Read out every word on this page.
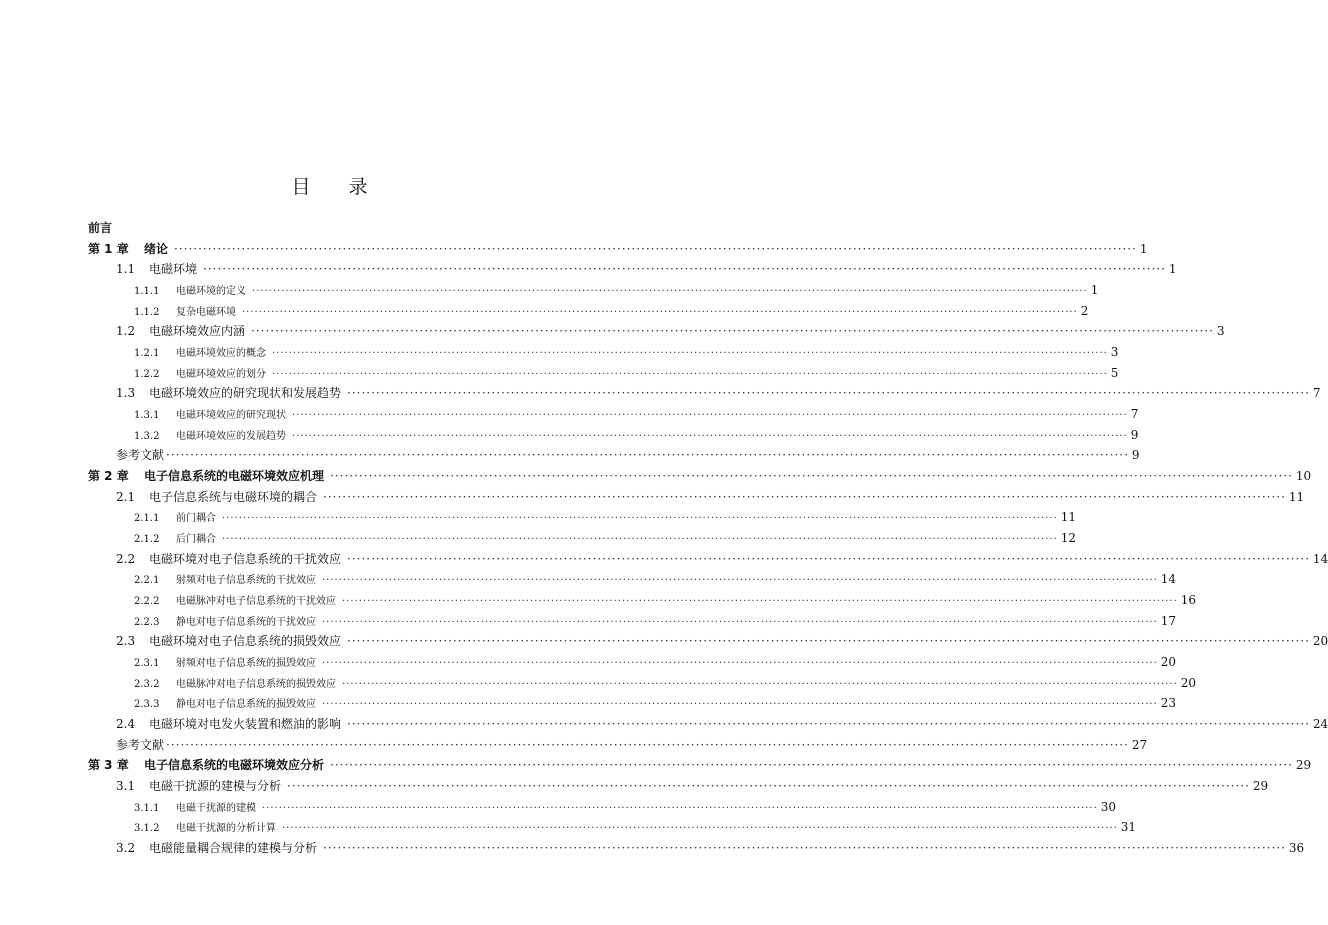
目 录
前言
第 1 章	绪论 ········································································································································································································ 1
1.1	电磁环境 ········································································································································································································ 1
1.1.1	电磁环境的定义 ········································································································································································································ 1
1.1.2	复杂电磁环境 ········································································································································································································ 2
1.2	电磁环境效应内涵 ········································································································································································································ 3
1.2.1	电磁环境效应的概念 ········································································································································································································ 3
1.2.2	电磁环境效应的划分 ········································································································································································································ 5
1.3	电磁环境效应的研究现状和发展趋势 ········································································································································································································ 7
1.3.1	电磁环境效应的研究现状 ········································································································································································································ 7
1.3.2	电磁环境效应的发展趋势 ········································································································································································································ 9
参考文献 ········································································································································································································ 9
第 2 章	电子信息系统的电磁环境效应机理 ········································································································································································································ 10
2.1	电子信息系统与电磁环境的耦合 ········································································································································································································ 11
2.1.1	前门耦合 ········································································································································································································ 11
2.1.2	后门耦合 ········································································································································································································ 12
2.2	电磁环境对电子信息系统的干扰效应 ········································································································································································································ 14
2.2.1	射频对电子信息系统的干扰效应 ········································································································································································································ 14
2.2.2	电磁脉冲对电子信息系统的干扰效应 ········································································································································································································ 16
2.2.3	静电对电子信息系统的干扰效应 ········································································································································································································ 17
2.3	电磁环境对电子信息系统的损毁效应 ········································································································································································································ 20
2.3.1	射频对电子信息系统的损毁效应 ········································································································································································································ 20
2.3.2	电磁脉冲对电子信息系统的损毁效应 ········································································································································································································ 20
2.3.3	静电对电子信息系统的损毁效应 ········································································································································································································ 23
2.4	电磁环境对电发火装置和燃油的影响 ········································································································································································································ 24
参考文献 ········································································································································································································ 27
第 3 章	电子信息系统的电磁环境效应分析 ········································································································································································································ 29
3.1	电磁干扰源的建模与分析 ········································································································································································································ 29
3.1.1	电磁干扰源的建模 ········································································································································································································ 30
3.1.2	电磁干扰源的分析计算 ········································································································································································································ 31
3.2	电磁能量耦合规律的建模与分析 ········································································································································································································ 36
